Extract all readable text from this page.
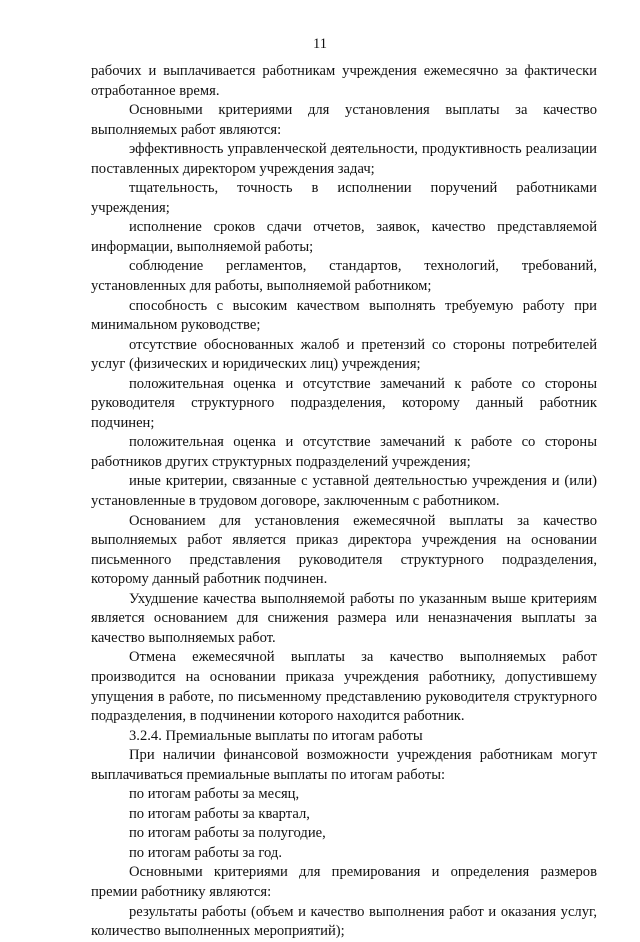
11

рабочих и выплачивается работникам учреждения ежемесячно за фактически отработанное время.

Основными критериями для установления выплаты за качество выполняемых работ являются:

эффективность управленческой деятельности, продуктивность реализации поставленных директором учреждения задач;

тщательность, точность в исполнении поручений работниками учреждения;

исполнение сроков сдачи отчетов, заявок, качество представляемой информации, выполняемой работы;

соблюдение регламентов, стандартов, технологий, требований, установленных для работы, выполняемой работником;

способность с высоким качеством выполнять требуемую работу при минимальном руководстве;

отсутствие обоснованных жалоб и претензий со стороны потребителей услуг (физических и юридических лиц) учреждения;

положительная оценка и отсутствие замечаний к работе со стороны руководителя структурного подразделения, которому данный работник подчинен;

положительная оценка и отсутствие замечаний к работе со стороны работников других структурных подразделений учреждения;

иные критерии, связанные с уставной деятельностью учреждения и (или) установленные в трудовом договоре, заключенным с работником.

Основанием для установления ежемесячной выплаты за качество выполняемых работ является приказ директора учреждения на основании письменного представления руководителя структурного подразделения, которому данный работник подчинен.

Ухудшение качества выполняемой работы по указанным выше критериям является основанием для снижения размера или неназначения выплаты за качество выполняемых работ.

Отмена ежемесячной выплаты за качество выполняемых работ производится на основании приказа учреждения работнику, допустившему упущения в работе, по письменному представлению руководителя структурного подразделения, в подчинении которого находится работник.

3.2.4. Премиальные выплаты по итогам работы

При наличии финансовой возможности учреждения работникам могут выплачиваться премиальные выплаты по итогам работы:

по итогам работы за месяц,

по итогам работы за квартал,

по итогам работы за полугодие,

по итогам работы за год.

Основными критериями для премирования и определения размеров премии работнику являются:

результаты работы (объем и качество выполнения работ и оказания услуг, количество выполненных мероприятий);
